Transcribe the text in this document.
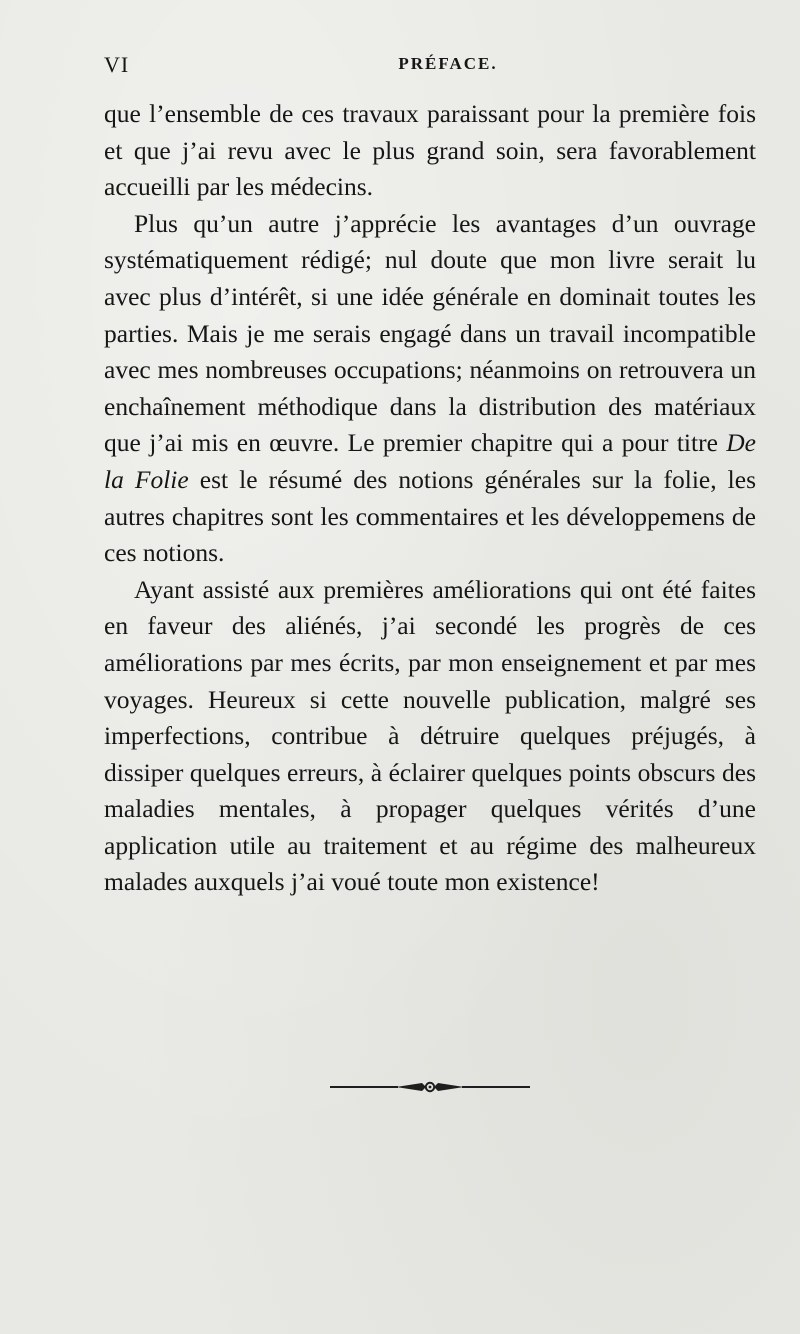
VI	PRÉFACE.

que l’ensemble de ces travaux paraissant pour la première fois et que j’ai revu avec le plus grand soin, sera favorablement accueilli par les médecins.

Plus qu’un autre j’apprécie les avantages d’un ouvrage systématiquement rédigé; nul doute que mon livre serait lu avec plus d’intérêt, si une idée générale en dominait toutes les parties. Mais je me serais engagé dans un travail incompatible avec mes nombreuses occupations; néanmoins on retrouvera un enchaînement méthodique dans la distribution des matériaux que j’ai mis en œuvre. Le premier chapitre qui a pour titre De la Folie est le résumé des notions générales sur la folie, les autres chapitres sont les commentaires et les développemens de ces notions.

Ayant assisté aux premières améliorations qui ont été faites en faveur des aliénés, j’ai secondé les progrès de ces améliorations par mes écrits, par mon enseignement et par mes voyages. Heureux si cette nouvelle publication, malgré ses imperfections, contribue à détruire quelques préjugés, à dissiper quelques erreurs, à éclairer quelques points obscurs des maladies mentales, à propager quelques vérités d’une application utile au traitement et au régime des malheureux malades auxquels j’ai voué toute mon existence!
